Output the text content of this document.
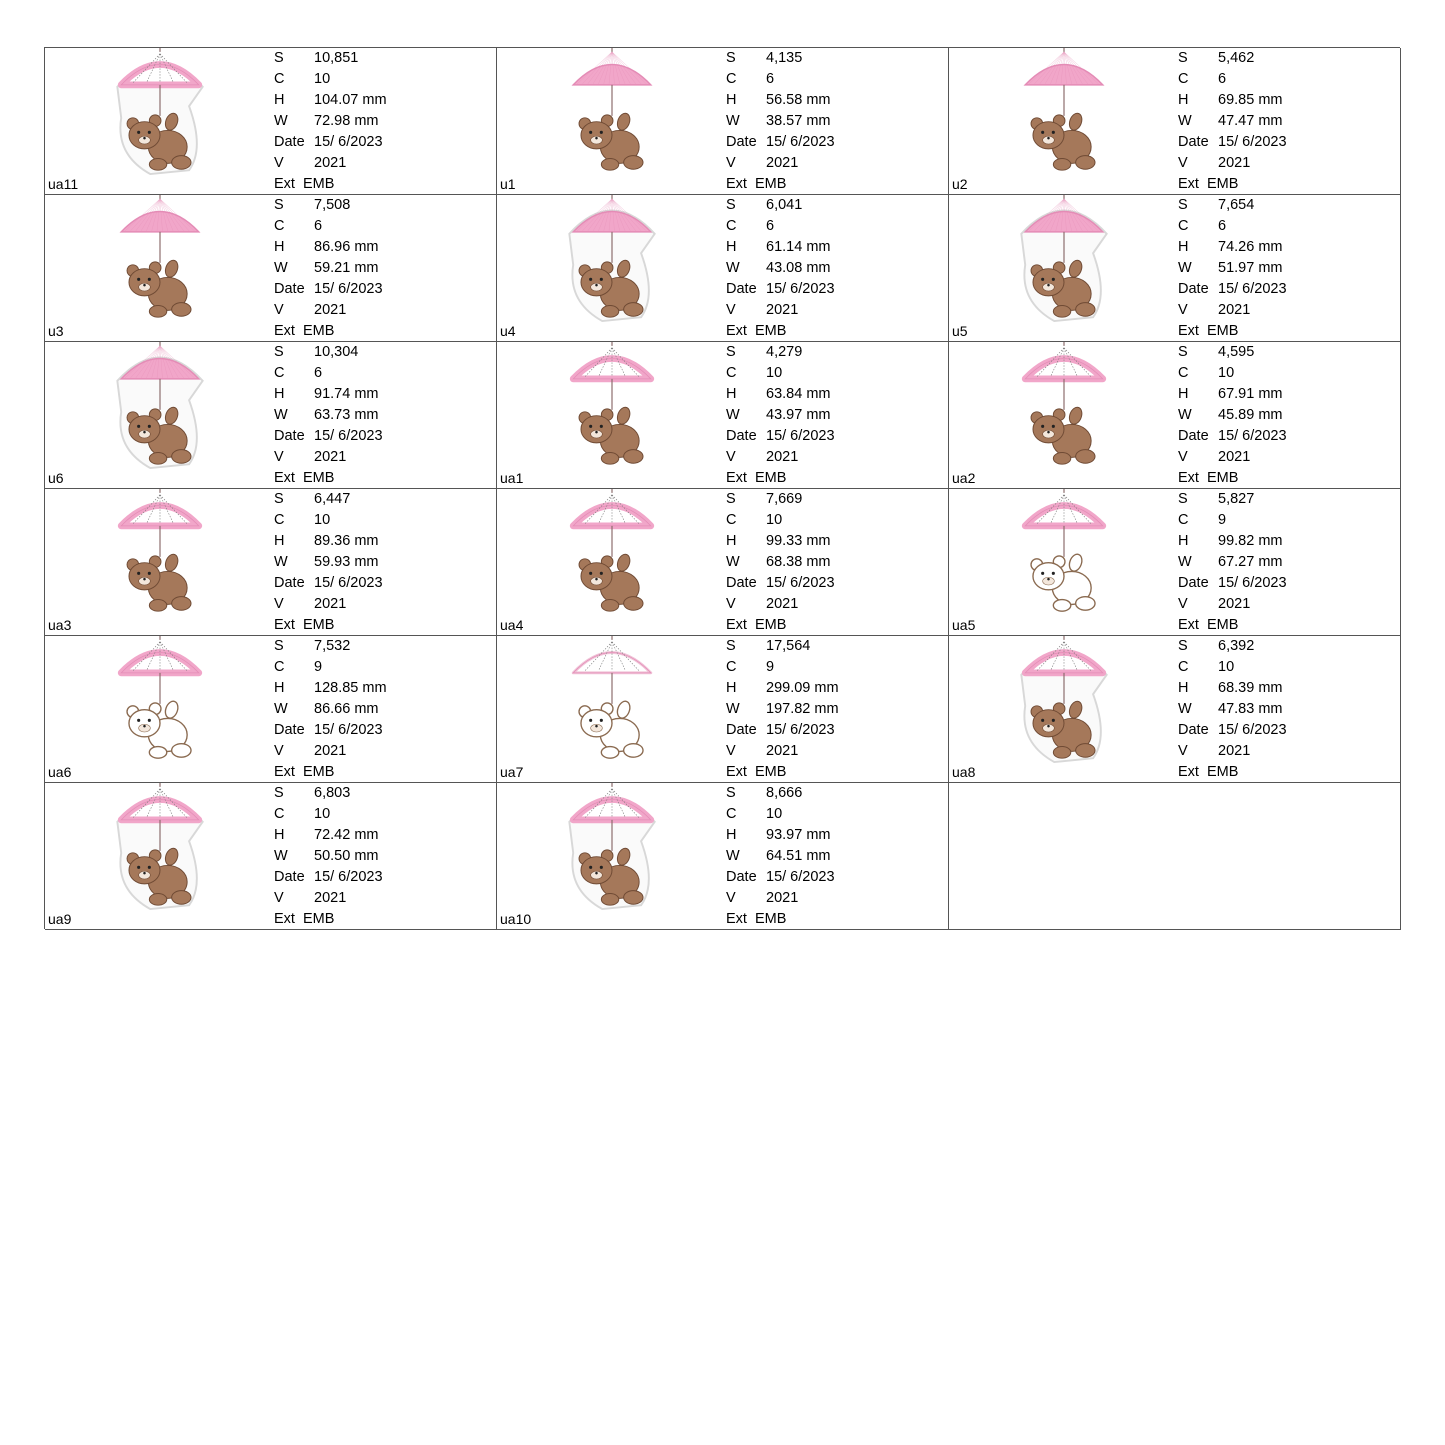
ua11
S 10,851
C 10
H 104.07 mm
W 72.98 mm
Date 15/ 6/2023
V 2021
Ext EMB	u1
S 4,135
C 6
H 56.58 mm
W 38.57 mm
Date 15/ 6/2023
V 2021
Ext EMB	u2
S 5,462
C 6
H 69.85 mm
W 47.47 mm
Date 15/ 6/2023
V 2021
Ext EMB
u3
S 7,508
C 6
H 86.96 mm
W 59.21 mm
Date 15/ 6/2023
V 2021
Ext EMB	u4
S 6,041
C 6
H 61.14 mm
W 43.08 mm
Date 15/ 6/2023
V 2021
Ext EMB	u5
S 7,654
C 6
H 74.26 mm
W 51.97 mm
Date 15/ 6/2023
V 2021
Ext EMB
u6
S 10,304
C 6
H 91.74 mm
W 63.73 mm
Date 15/ 6/2023
V 2021
Ext EMB	ua1
S 4,279
C 10
H 63.84 mm
W 43.97 mm
Date 15/ 6/2023
V 2021
Ext EMB	ua2
S 4,595
C 10
H 67.91 mm
W 45.89 mm
Date 15/ 6/2023
V 2021
Ext EMB
ua3
S 6,447
C 10
H 89.36 mm
W 59.93 mm
Date 15/ 6/2023
V 2021
Ext EMB	ua4
S 7,669
C 10
H 99.33 mm
W 68.38 mm
Date 15/ 6/2023
V 2021
Ext EMB	ua5
S 5,827
C 9
H 99.82 mm
W 67.27 mm
Date 15/ 6/2023
V 2021
Ext EMB
ua6
S 7,532
C 9
H 128.85 mm
W 86.66 mm
Date 15/ 6/2023
V 2021
Ext EMB	ua7
S 17,564
C 9
H 299.09 mm
W 197.82 mm
Date 15/ 6/2023
V 2021
Ext EMB	ua8
S 6,392
C 10
H 68.39 mm
W 47.83 mm
Date 15/ 6/2023
V 2021
Ext EMB
ua9
S 6,803
C 10
H 72.42 mm
W 50.50 mm
Date 15/ 6/2023
V 2021
Ext EMB	ua10
S 8,666
C 10
H 93.97 mm
W 64.51 mm
Date 15/ 6/2023
V 2021
Ext EMB
